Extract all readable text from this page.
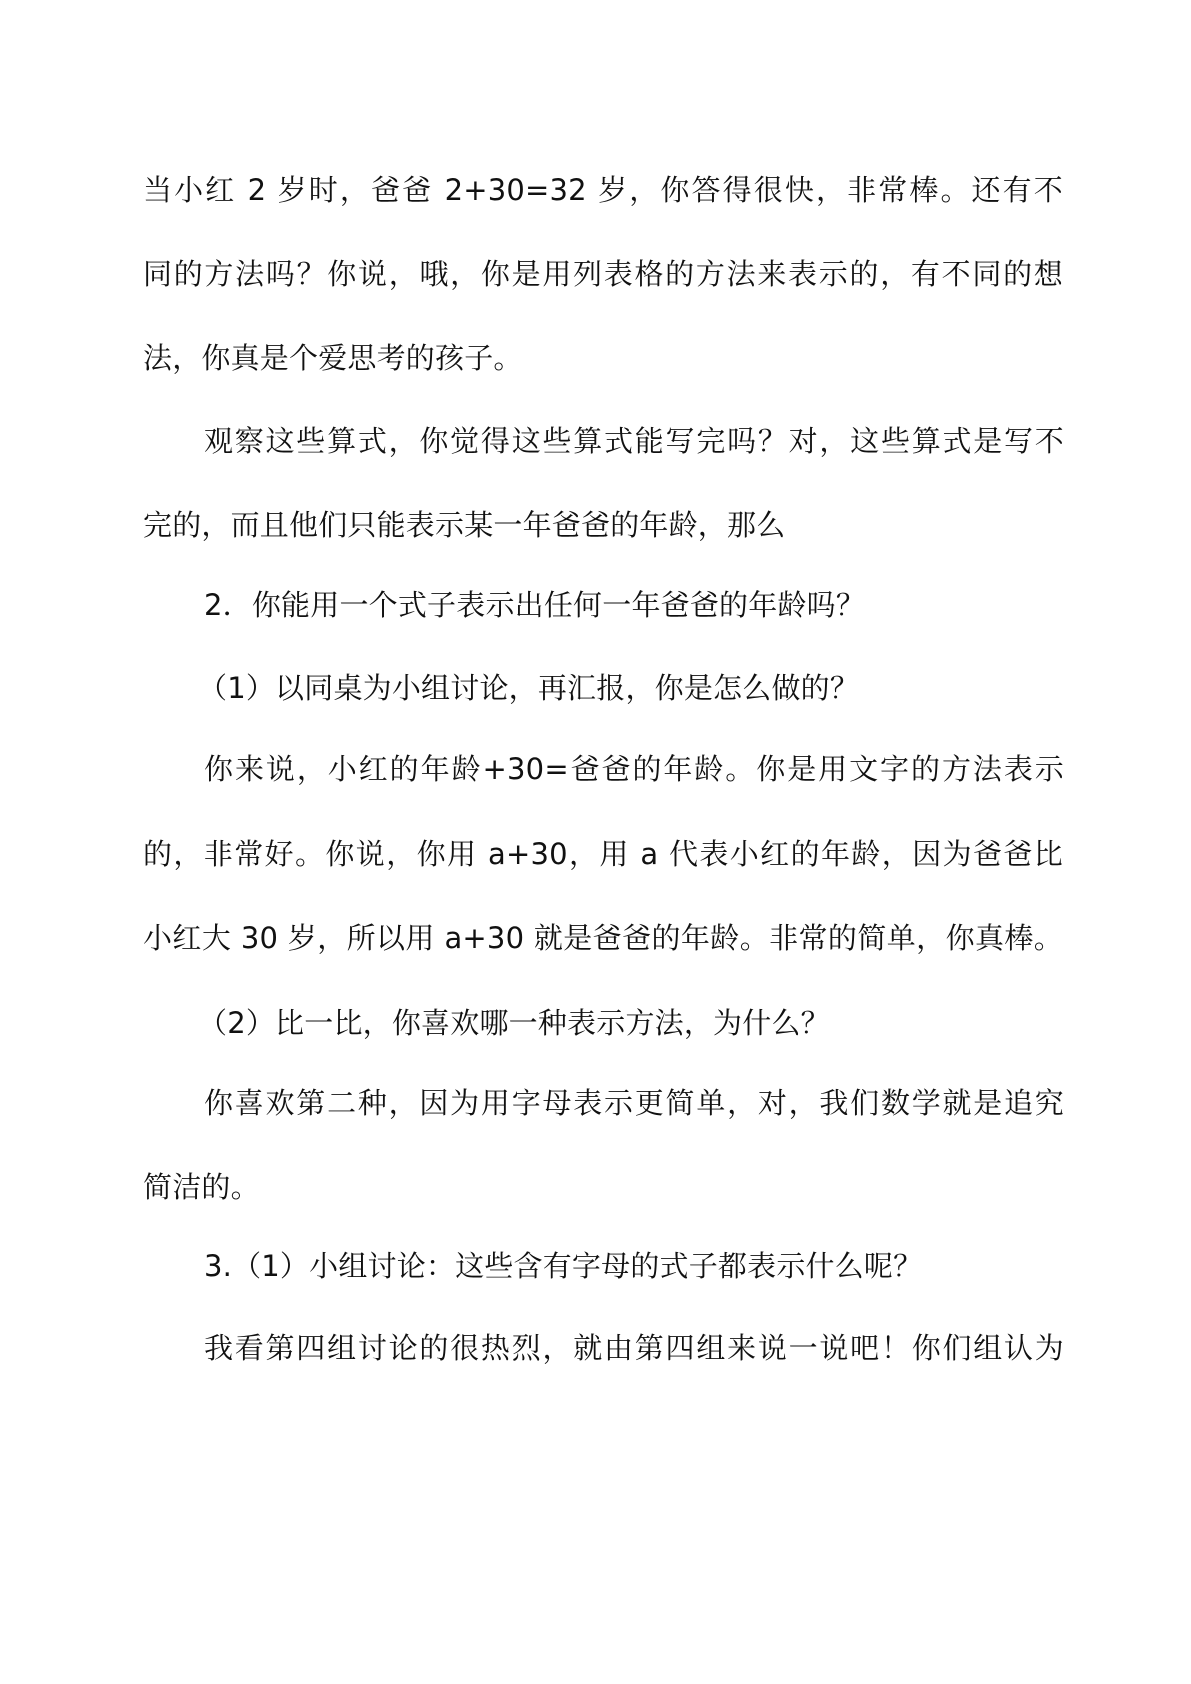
当小红 2 岁时，爸爸 2+30=32 岁，你答得很快，非常棒。还有不
同的方法吗？你说，哦，你是用列表格的方法来表示的，有不同的想
法，你真是个爱思考的孩子。
观察这些算式，你觉得这些算式能写完吗？对，这些算式是写不
完的，而且他们只能表示某一年爸爸的年龄，那么
2．你能用一个式子表示出任何一年爸爸的年龄吗？
（1）以同桌为小组讨论，再汇报，你是怎么做的？
你来说，小红的年龄+30=爸爸的年龄。你是用文字的方法表示
的，非常好。你说，你用 a+30，用 a 代表小红的年龄，因为爸爸比
小红大 30 岁，所以用 a+30 就是爸爸的年龄。非常的简单，你真棒。
（2）比一比，你喜欢哪一种表示方法，为什么？
你喜欢第二种，因为用字母表示更简单，对，我们数学就是追究
简洁的。
3.（1）小组讨论：这些含有字母的式子都表示什么呢？
我看第四组讨论的很热烈，就由第四组来说一说吧！你们组认为
